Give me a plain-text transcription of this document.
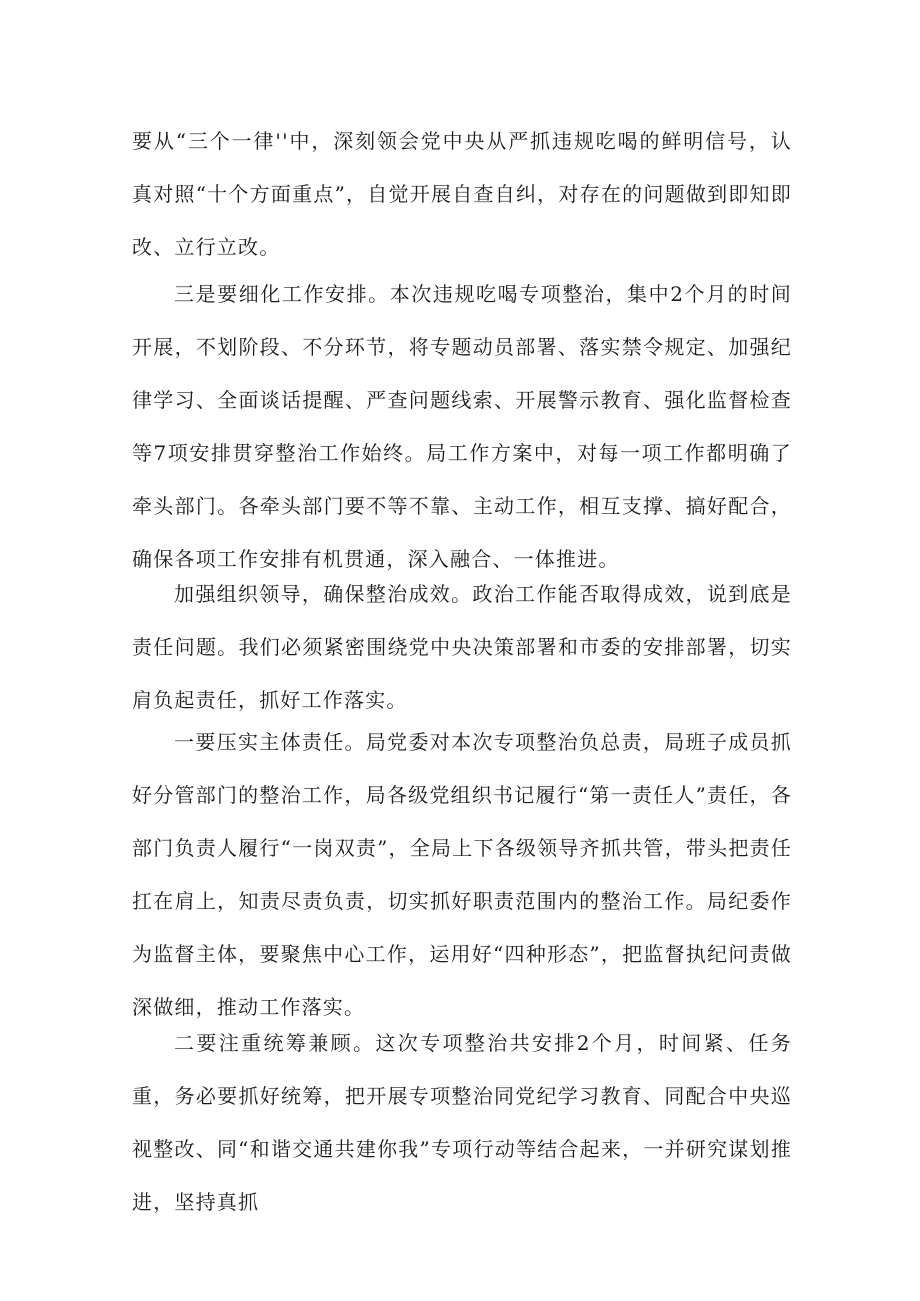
要从“三个一律''中，深刻领会党中央从严抓违规吃喝的鲜明信号，认真对照“十个方面重点”，自觉开展自查自纠，对存在的问题做到即知即改、立行立改。

三是要细化工作安排。本次违规吃喝专项整治，集中2个月的时间开展，不划阶段、不分环节，将专题动员部署、落实禁令规定、加强纪律学习、全面谈话提醒、严查问题线索、开展警示教育、强化监督检查等7项安排贯穿整治工作始终。局工作方案中，对每一项工作都明确了牵头部门。各牵头部门要不等不靠、主动工作，相互支撑、搞好配合，确保各项工作安排有机贯通，深入融合、一体推进。

加强组织领导，确保整治成效。政治工作能否取得成效，说到底是责任问题。我们必须紧密围绕党中央决策部署和市委的安排部署，切实肩负起责任，抓好工作落实。

一要压实主体责任。局党委对本次专项整治负总责，局班子成员抓好分管部门的整治工作，局各级党组织书记履行“第一责任人”责任，各部门负责人履行“一岗双责”，全局上下各级领导齐抓共管，带头把责任扛在肩上，知责尽责负责，切实抓好职责范围内的整治工作。局纪委作为监督主体，要聚焦中心工作，运用好“四种形态”，把监督执纪问责做深做细，推动工作落实。

二要注重统筹兼顾。这次专项整治共安排2个月，时间紧、任务重，务必要抓好统筹，把开展专项整治同党纪学习教育、同配合中央巡视整改、同“和谐交通共建你我”专项行动等结合起来，一并研究谋划推进，坚持真抓
